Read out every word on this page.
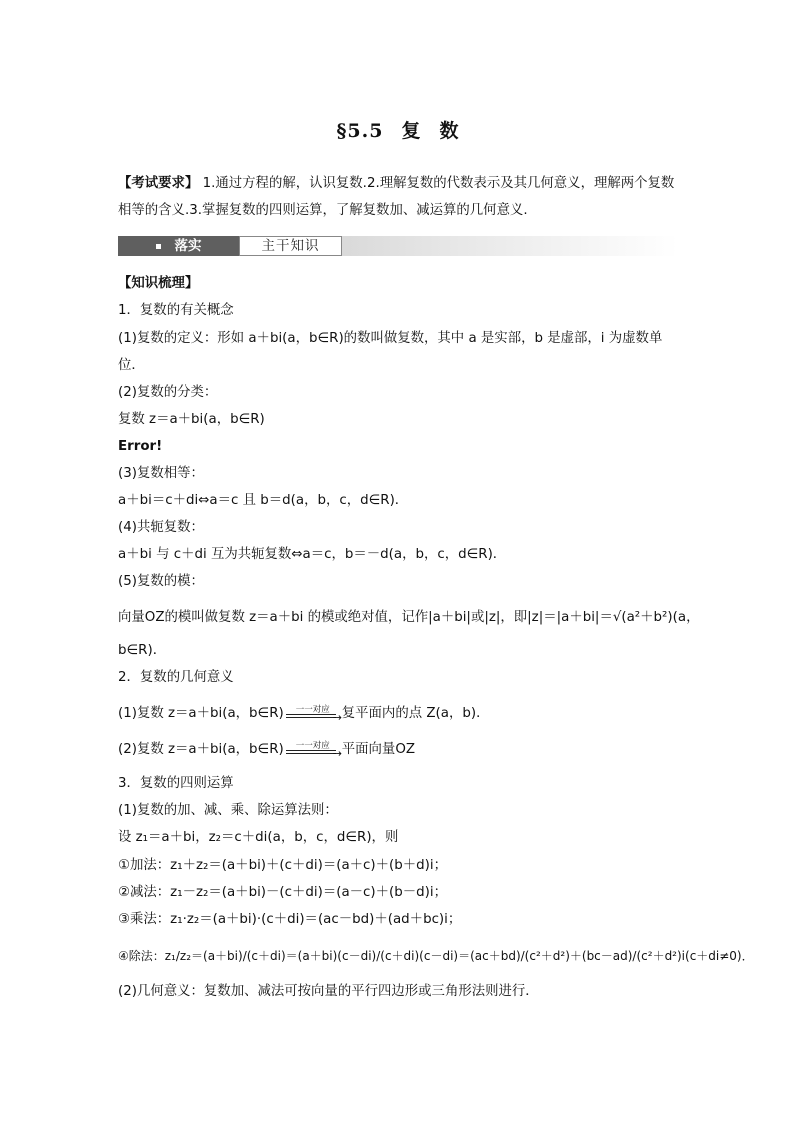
§5.5 复 数
【考试要求】 1.通过方程的解，认识复数.2.理解复数的代数表示及其几何意义，理解两个复数相等的含义.3.掌握复数的四则运算，了解复数加、减运算的几何意义.
落实	主干知识
【知识梳理】
1．复数的有关概念
(1)复数的定义：形如 a＋bi(a，b∈R)的数叫做复数，其中 a 是实部，b 是虚部，i 为虚数单
位．
(2)复数的分类：
复数 z＝a＋bi(a，b∈R)
Error!
(3)复数相等：
a＋bi＝c＋di⇔a＝c 且 b＝d(a，b，c，d∈R)．
(4)共轭复数：
a＋bi 与 c＋di 互为共轭复数⇔a＝c，b＝－d(a，b，c，d∈R)．
(5)复数的模：
向量OZ的模叫做复数 z＝a＋bi 的模或绝对值，记作|a＋bi|或|z|，即|z|＝|a＋bi|＝√(a²＋b²)(a，
b∈R)．
2．复数的几何意义
(1)复数 z＝a＋bi(a，b∈R)	一一对应
→ 复平面内的点 Z(a，b)．
(2)复数 z＝a＋bi(a，b∈R)	一一对应
→ 平面向量OZ
3．复数的四则运算
(1)复数的加、减、乘、除运算法则：
设 z₁＝a＋bi，z₂＝c＋di(a，b，c，d∈R)，则
①加法：z₁＋z₂＝(a＋bi)＋(c＋di)＝(a＋c)＋(b＋d)i；
②减法：z₁－z₂＝(a＋bi)－(c＋di)＝(a－c)＋(b－d)i；
③乘法：z₁·z₂＝(a＋bi)·(c＋di)＝(ac－bd)＋(ad＋bc)i；
④除法：z₁/z₂＝(a＋bi)/(c＋di)＝(a＋bi)(c－di)/(c＋di)(c－di)＝(ac＋bd)/(c²＋d²)＋(bc－ad)/(c²＋d²)i(c＋di≠0)．
(2)几何意义：复数加、减法可按向量的平行四边形或三角形法则进行．
